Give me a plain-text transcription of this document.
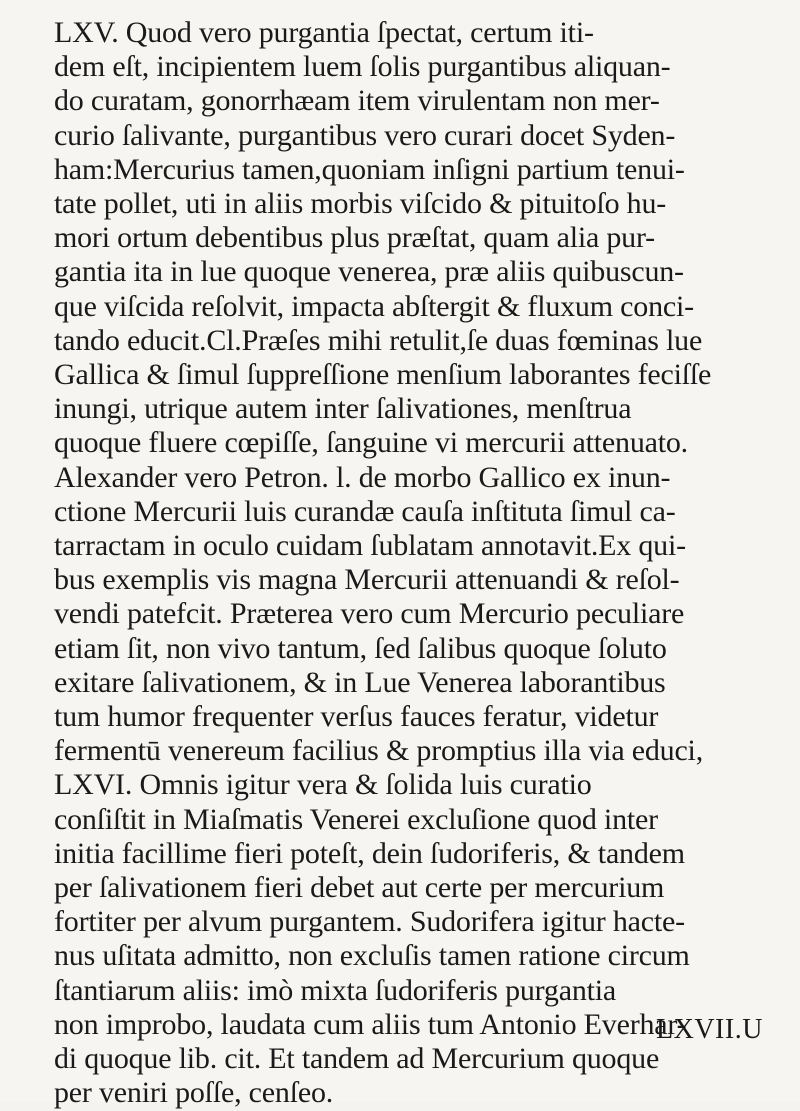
LXV. Quod vero purgantia ſpectat, certum iti-
dem eſt, incipientem luem ſolis purgantibus aliquan-
do curatam, gonorrhæam item virulentam non mer-
curio ſalivante, purgantibus vero curari docet Syden-
ham:Mercurius tamen,quoniam inſigni partium tenui-
tate pollet, uti in aliis morbis viſcido & pituitoſo hu-
mori ortum debentibus plus præſtat, quam alia pur-
gantia ita in lue quoque venerea, præ aliis quibuscun-
que viſcida reſolvit, impacta abſtergit & fluxum conci-
tando educit.Cl.Præſes mihi retulit,ſe duas fœminas lue
Gallica & ſimul ſuppreſſione menſium laborantes feciſſe
inungi, utrique autem inter ſalivationes, menſtrua
quoque fluere cœpiſſe, ſanguine vi mercurii attenuato.
Alexander vero Petron. l. de morbo Gallico ex inun-
ctione Mercurii luis curandæ cauſa inſtituta ſimul ca-
tarractam in oculo cuidam ſublatam annotavit.Ex qui-
bus exemplis vis magna Mercurii attenuandi & reſol-
vendi patefcit. Præterea vero cum Mercurio peculiare
etiam ſit, non vivo tantum, ſed ſalibus quoque ſoluto
exitare ſalivationem, & in Lue Venerea laborantibus
tum humor frequenter verſus fauces feratur, videtur
fermentū venereum facilius & promptius illa via educi,
LXVI. Omnis igitur vera & ſolida luis curatio
conſiſtit in Miaſmatis Venerei excluſione quod inter
initia facillime fieri poteſt, dein ſudoriferis, & tandem
per ſalivationem fieri debet aut certe per mercurium
fortiter per alvum purgantem. Sudorifera igitur hacte-
nus uſitata admitto, non excluſis tamen ratione circum
ſtantiarum aliis: imò mixta ſudoriferis purgantia
non improbo, laudata cum aliis tum Antonio Everhar-
di quoque lib. cit. Et tandem ad Mercurium quoque
per veniri poſſe, cenſeo.
LXVII.U
